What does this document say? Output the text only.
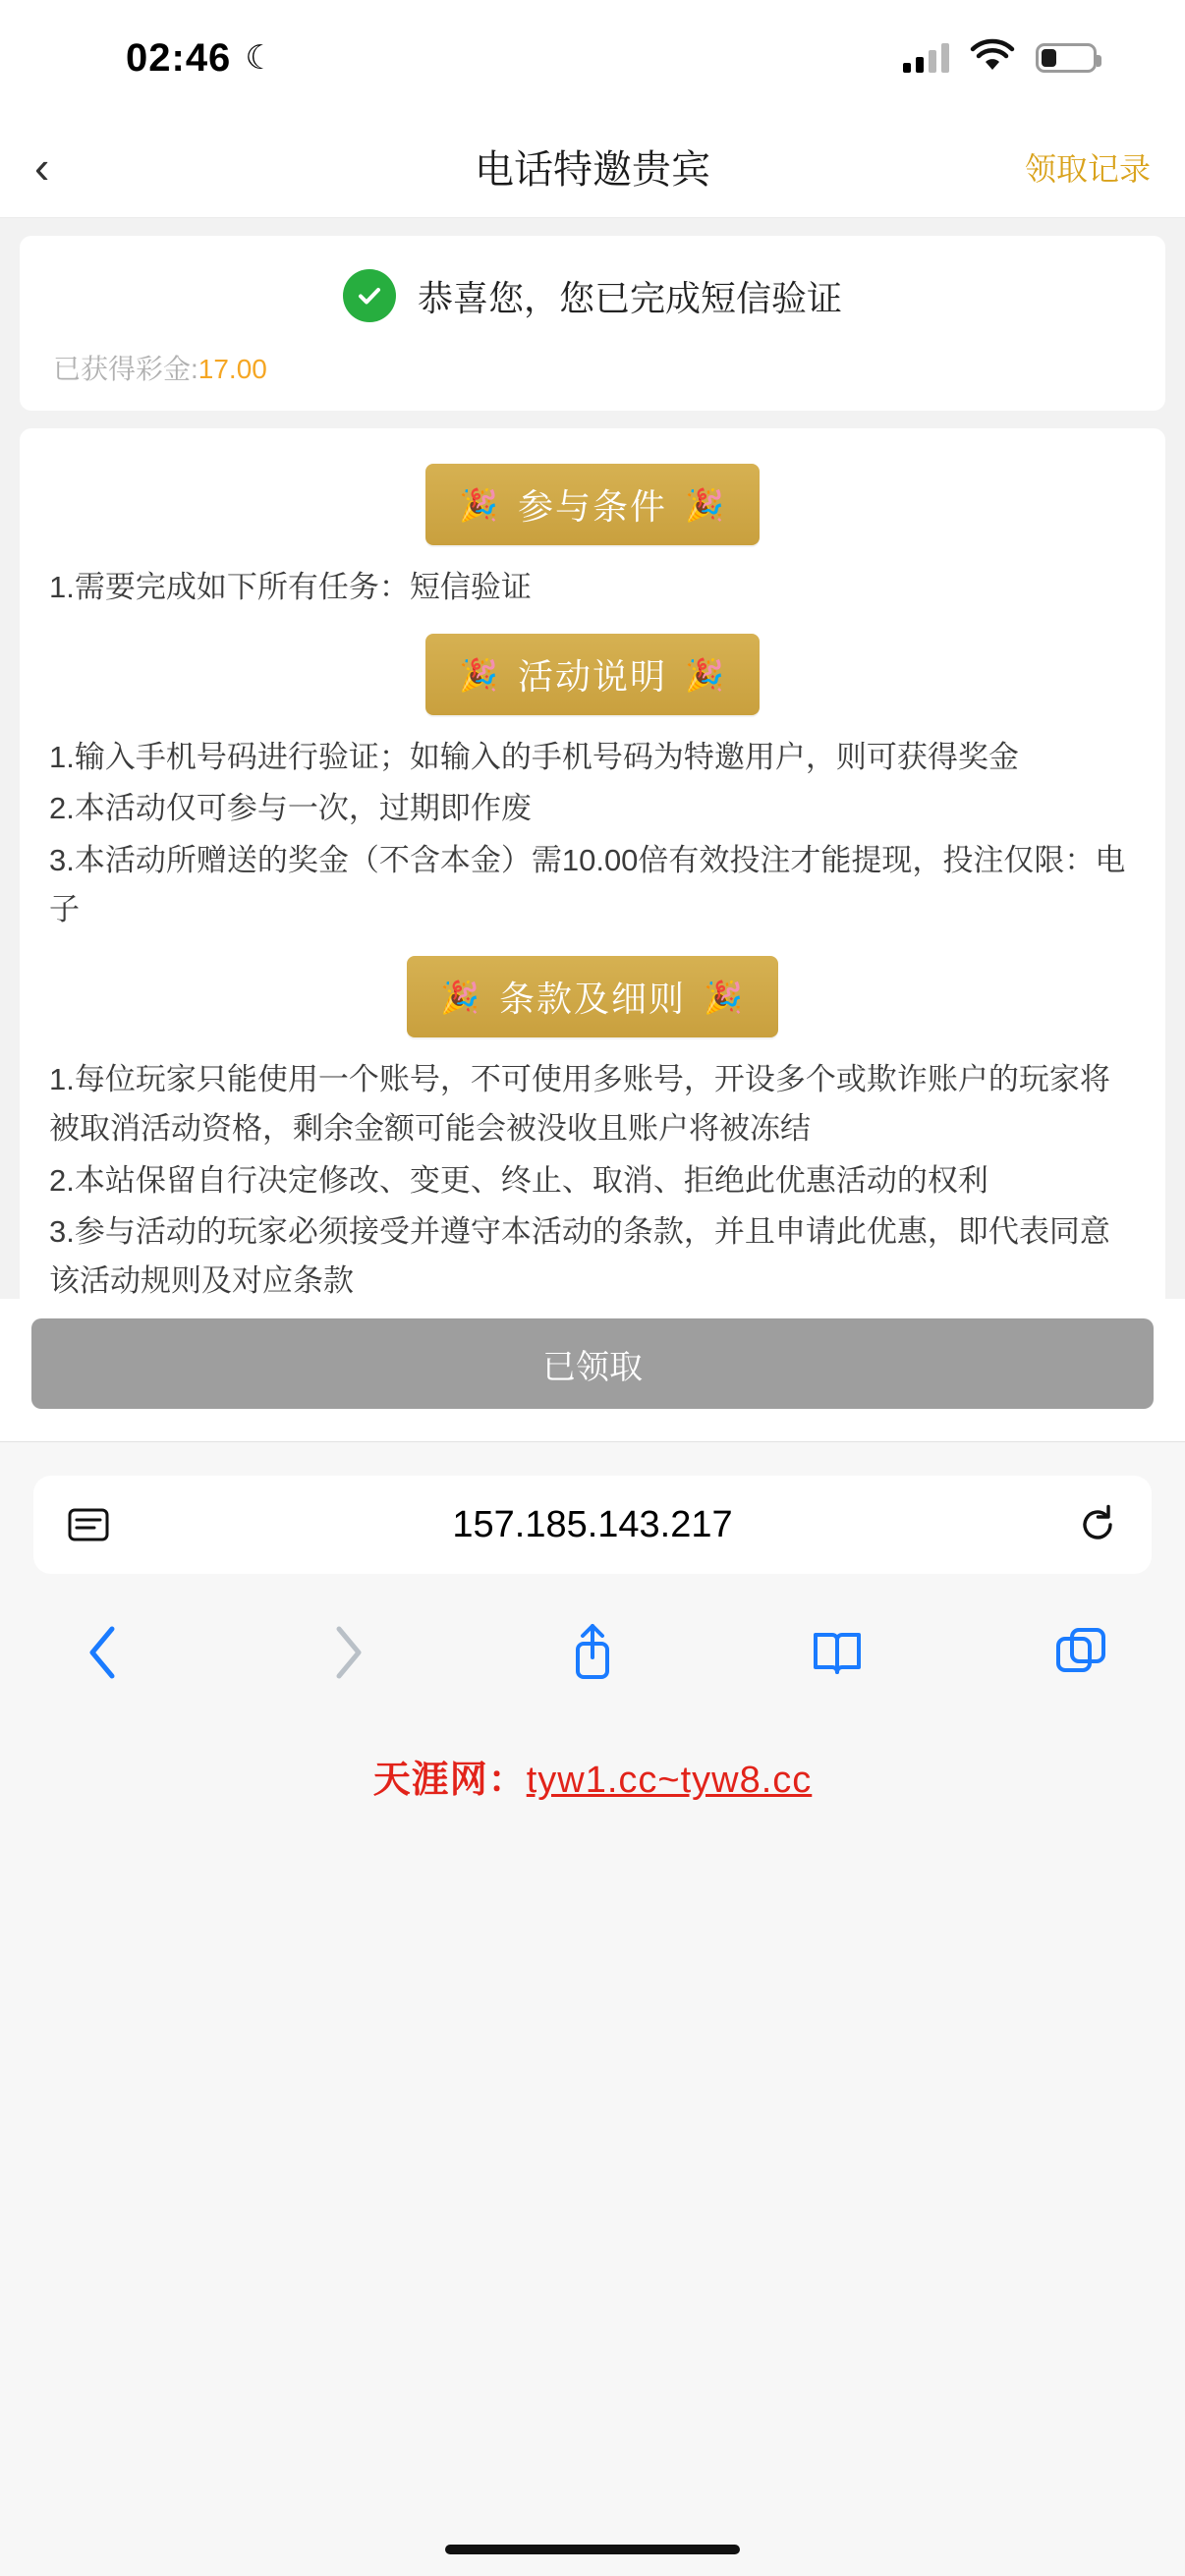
02:46 ☾
‹	电话特邀贵宾	领取记录
恭喜您，您已完成短信验证
已获得彩金:17.00
🎉 参与条件 🎉

1.需要完成如下所有任务：短信验证

🎉 活动说明 🎉

1.输入手机号码进行验证；如输入的手机号码为特邀用户，则可获得奖金

2.本活动仅可参与一次，过期即作废

3.本活动所赠送的奖金（不含本金）需10.00倍有效投注才能提现，投注仅限：电子

🎉 条款及细则 🎉

1.每位玩家只能使用一个账号，不可使用多账号，开设多个或欺诈账户的玩家将被取消活动资格，剩余金额可能会被没收且账户将被冻结

2.本站保留自行决定修改、变更、终止、取消、拒绝此优惠活动的权利

3.参与活动的玩家必须接受并遵守本活动的条款，并且申请此优惠，即代表同意该活动规则及对应条款

已领取
157.185.143.217
天涯网：tyw1.cc~tyw8.cc
